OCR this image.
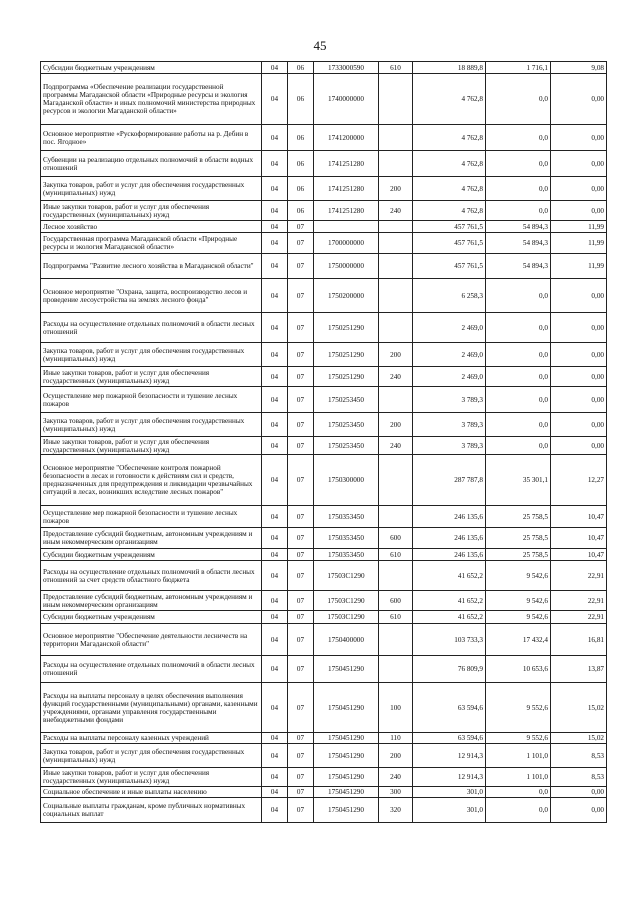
45
Субсидии бюджетным учреждениям	04	06	1733000590	610	18 889,8	1 716,1	9,08
Подпрограмма «Обеспечение реализации государственной программы Магаданской области «Природные ресурсы и экология Магаданской области» и иных полномочий министерства природных ресурсов и экологии Магаданской области»	04	06	1740000000		4 762,8	0,0	0,00
Основное мероприятие «Рускоформирование работы на р. Дебин в пос. Ягодное»	04	06	1741200000		4 762,8	0,0	0,00
Субвенции на реализацию отдельных полномочий в области водных отношений	04	06	1741251280		4 762,8	0,0	0,00
Закупка товаров, работ и услуг для обеспечения государственных (муниципальных) нужд	04	06	1741251280	200	4 762,8	0,0	0,00
Иные закупки товаров, работ и услуг для обеспечения государственных (муниципальных) нужд	04	06	1741251280	240	4 762,8	0,0	0,00
Лесное хозяйство	04	07			457 761,5	54 894,3	11,99
Государственная программа Магаданской области «Природные ресурсы и экология Магаданской области»	04	07	1700000000		457 761,5	54 894,3	11,99
Подпрограмма "Развитие лесного хозяйства в Магаданской области"	04	07	1750000000		457 761,5	54 894,3	11,99
Основное мероприятие "Охрана, защита, воспроизводство лесов и проведение лесоустройства на землях лесного фонда"	04	07	1750200000		6 258,3	0,0	0,00
Расходы на осуществление отдельных полномочий в области лесных отношений	04	07	1750251290		2 469,0	0,0	0,00
Закупка товаров, работ и услуг для обеспечения государственных (муниципальных) нужд	04	07	1750251290	200	2 469,0	0,0	0,00
Иные закупки товаров, работ и услуг для обеспечения государственных (муниципальных) нужд	04	07	1750251290	240	2 469,0	0,0	0,00
Осуществление мер пожарной безопасности и тушение лесных пожаров	04	07	1750253450		3 789,3	0,0	0,00
Закупка товаров, работ и услуг для обеспечения государственных (муниципальных) нужд	04	07	1750253450	200	3 789,3	0,0	0,00
Иные закупки товаров, работ и услуг для обеспечения государственных (муниципальных) нужд	04	07	1750253450	240	3 789,3	0,0	0,00
Основное мероприятие "Обеспечение контроля пожарной безопасности в лесах и готовности к действиям сил и средств, предназначенных для предупреждения и ликвидации чрезвычайных ситуаций в лесах, возникших вследствие лесных пожаров"	04	07	1750300000		287 787,8	35 301,1	12,27
Осуществление мер пожарной безопасности и тушение лесных пожаров	04	07	1750353450		246 135,6	25 758,5	10,47
Предоставление субсидий бюджетным, автономным учреждениям и иным некоммерческим организациям	04	07	1750353450	600	246 135,6	25 758,5	10,47
Субсидии бюджетным учреждениям	04	07	1750353450	610	246 135,6	25 758,5	10,47
Расходы на осуществление отдельных полномочий в области лесных отношений за счет средств областного бюджета	04	07	17503С1290		41 652,2	9 542,6	22,91
Предоставление субсидий бюджетным, автономным учреждениям и иным некоммерческим организациям	04	07	17503С1290	600	41 652,2	9 542,6	22,91
Субсидии бюджетным учреждениям	04	07	17503С1290	610	41 652,2	9 542,6	22,91
Основное мероприятие "Обеспечение деятельности лесничеств на территории Магаданской области"	04	07	1750400000		103 733,3	17 432,4	16,81
Расходы на осуществление отдельных полномочий в области лесных отношений	04	07	1750451290		76 809,9	10 653,6	13,87
Расходы на выплаты персоналу в целях обеспечения выполнения функций государственными (муниципальными) органами, казенными учреждениями, органами управления государственными внебюджетными фондами	04	07	1750451290	100	63 594,6	9 552,6	15,02
Расходы на выплаты персоналу казенных учреждений	04	07	1750451290	110	63 594,6	9 552,6	15,02
Закупка товаров, работ и услуг для обеспечения государственных (муниципальных) нужд	04	07	1750451290	200	12 914,3	1 101,0	8,53
Иные закупки товаров, работ и услуг для обеспечения государственных (муниципальных) нужд	04	07	1750451290	240	12 914,3	1 101,0	8,53
Социальное обеспечение и иные выплаты населению	04	07	1750451290	300	301,0	0,0	0,00
Социальные выплаты гражданам, кроме публичных нормативных социальных выплат	04	07	1750451290	320	301,0	0,0	0,00
